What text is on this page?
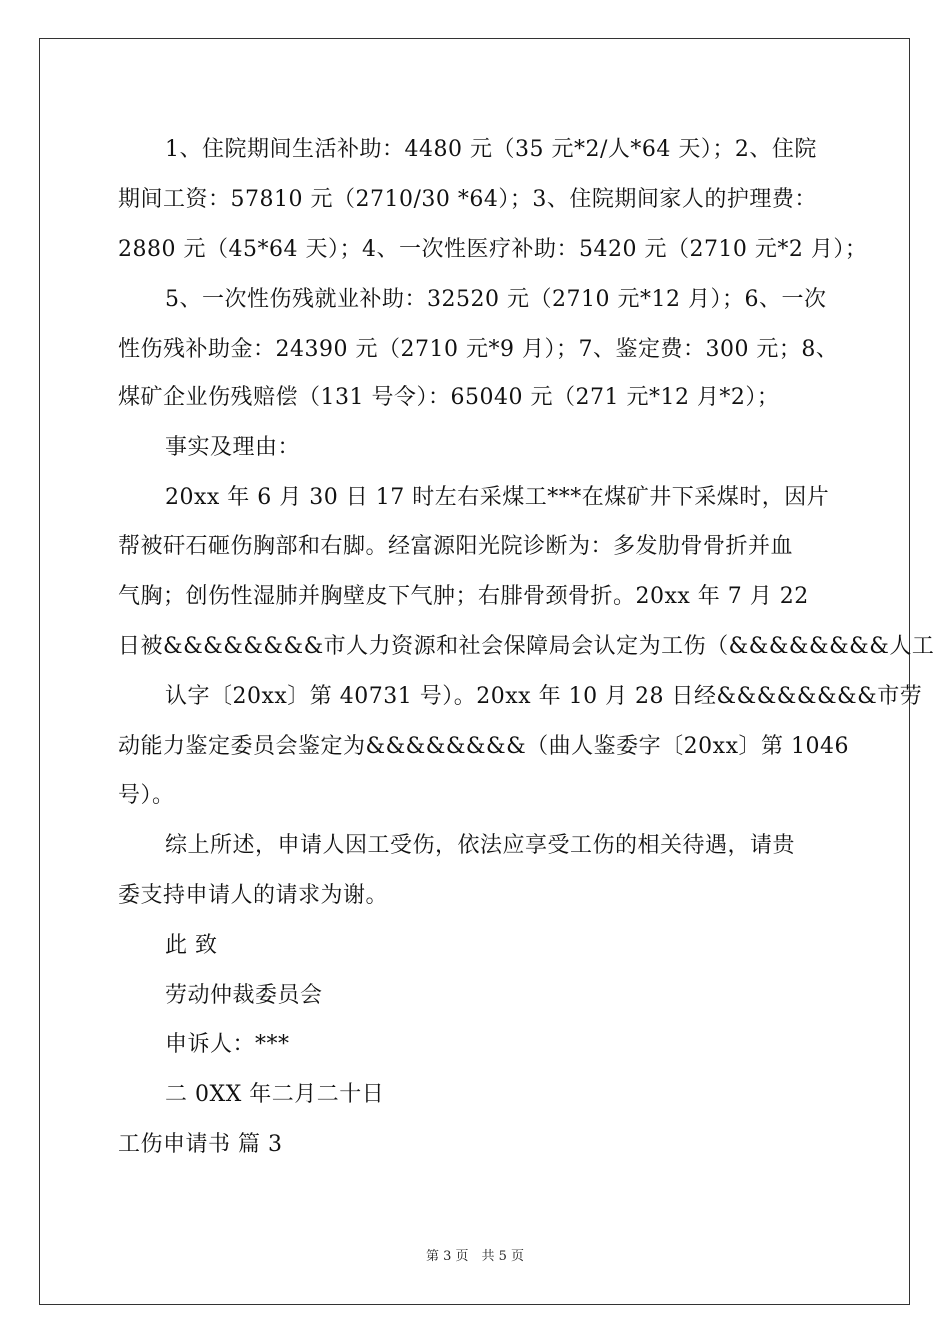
1、住院期间生活补助：4480 元（35 元*2/人*64 天）；2、住院
期间工资：57810 元（2710/30 *64）；3、住院期间家人的护理费：
2880 元（45*64 天）；4、一次性医疗补助：5420 元（2710 元*2 月）；
5、一次性伤残就业补助：32520 元（2710 元*12 月）；6、一次
性伤残补助金：24390 元（2710 元*9 月）；7、鉴定费：300 元；8、
煤矿企业伤残赔偿（131 号令）：65040 元（271 元*12 月*2）；
事实及理由：
20xx 年 6 月 30 日 17 时左右采煤工***在煤矿井下采煤时，因片
帮被矸石砸伤胸部和右脚。经富源阳光院诊断为：多发肋骨骨折并血
气胸；创伤性湿肺并胸壁皮下气肿；右腓骨颈骨折。20xx 年 7 月 22
日被&&&&&&&&市人力资源和社会保障局会认定为工伤（&&&&&&&&人工
认字〔20xx〕第 40731 号）。20xx 年 10 月 28 日经&&&&&&&&市劳
动能力鉴定委员会鉴定为&&&&&&&&（曲人鉴委字〔20xx〕第 1046
号）。
综上所述，申请人因工受伤，依法应享受工伤的相关待遇，请贵
委支持申请人的请求为谢。
此 致
劳动仲裁委员会
申诉人：***
二 0XX 年二月二十日
工伤申请书 篇 3
第 3 页　共 5 页
